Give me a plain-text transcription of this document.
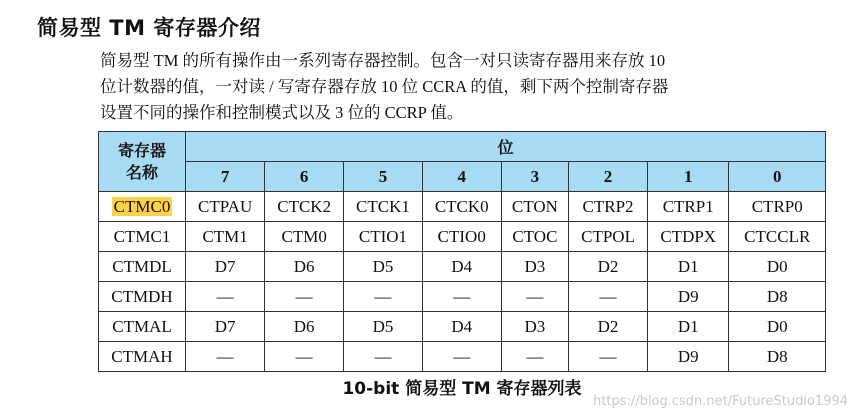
简易型 TM 寄存器介绍
简易型 TM 的所有操作由一系列寄存器控制。包含一对只读寄存器用来存放 10
位计数器的值，一对读 / 写寄存器存放 10 位 CCRA 的值，剩下两个控制寄存器
设置不同的操作和控制模式以及 3 位的 CCRP 值。
寄存器
名称	位							
	7	6	5	4	3	2	1	0
CTMC0	CTPAU	CTCK2	CTCK1	CTCK0	CTON	CTRP2	CTRP1	CTRP0
CTMC1	CTM1	CTM0	CTIO1	CTIO0	CTOC	CTPOL	CTDPX	CTCCLR
CTMDL	D7	D6	D5	D4	D3	D2	D1	D0
CTMDH	—	—	—	—	—	—	D9	D8
CTMAL	D7	D6	D5	D4	D3	D2	D1	D0
CTMAH	—	—	—	—	—	—	D9	D8
10-bit 简易型 TM 寄存器列表
https://blog.csdn.net/FutureStudio1994
